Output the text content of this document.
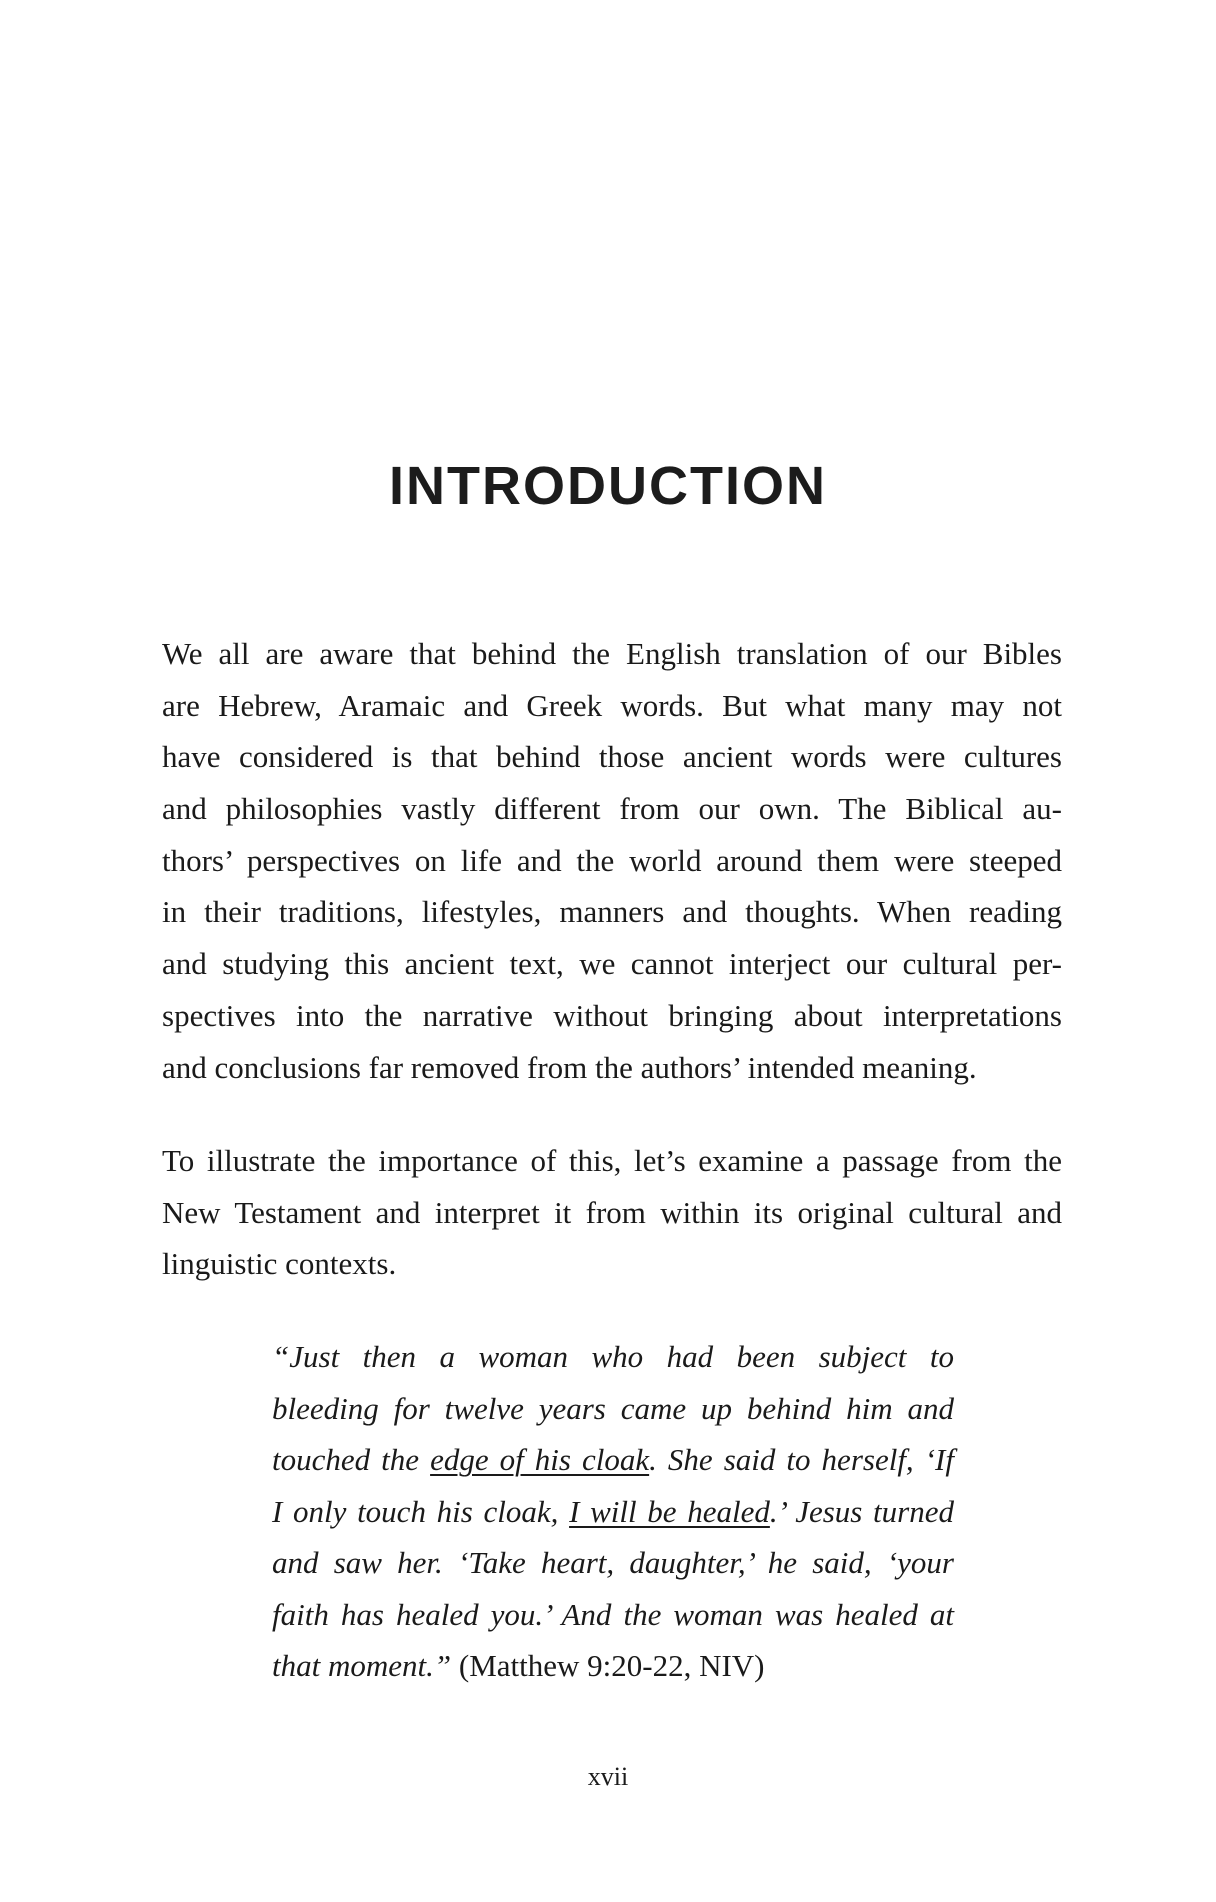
INTRODUCTION
We all are aware that behind the English translation of our Bibles
are Hebrew, Aramaic and Greek words. But what many may not
have considered is that behind those ancient words were cultures
and philosophies vastly different from our own. The Biblical au-
thors’ perspectives on life and the world around them were steeped
in their traditions, lifestyles, manners and thoughts. When reading
and studying this ancient text, we cannot interject our cultural per-
spectives into the narrative without bringing about interpretations
and conclusions far removed from the authors’ intended meaning.
To illustrate the importance of this, let’s examine a passage from the
New Testament and interpret it from within its original cultural and
linguistic contexts.
“Just then a woman who had been subject to
bleeding for twelve years came up behind him and
touched the edge of his cloak. She said to herself, ‘If
I only touch his cloak, I will be healed.’ Jesus turned
and saw her. ‘Take heart, daughter,’ he said, ‘your
faith has healed you.’ And the woman was healed at
that moment.” (Matthew 9:20-22, NIV)
xvii
